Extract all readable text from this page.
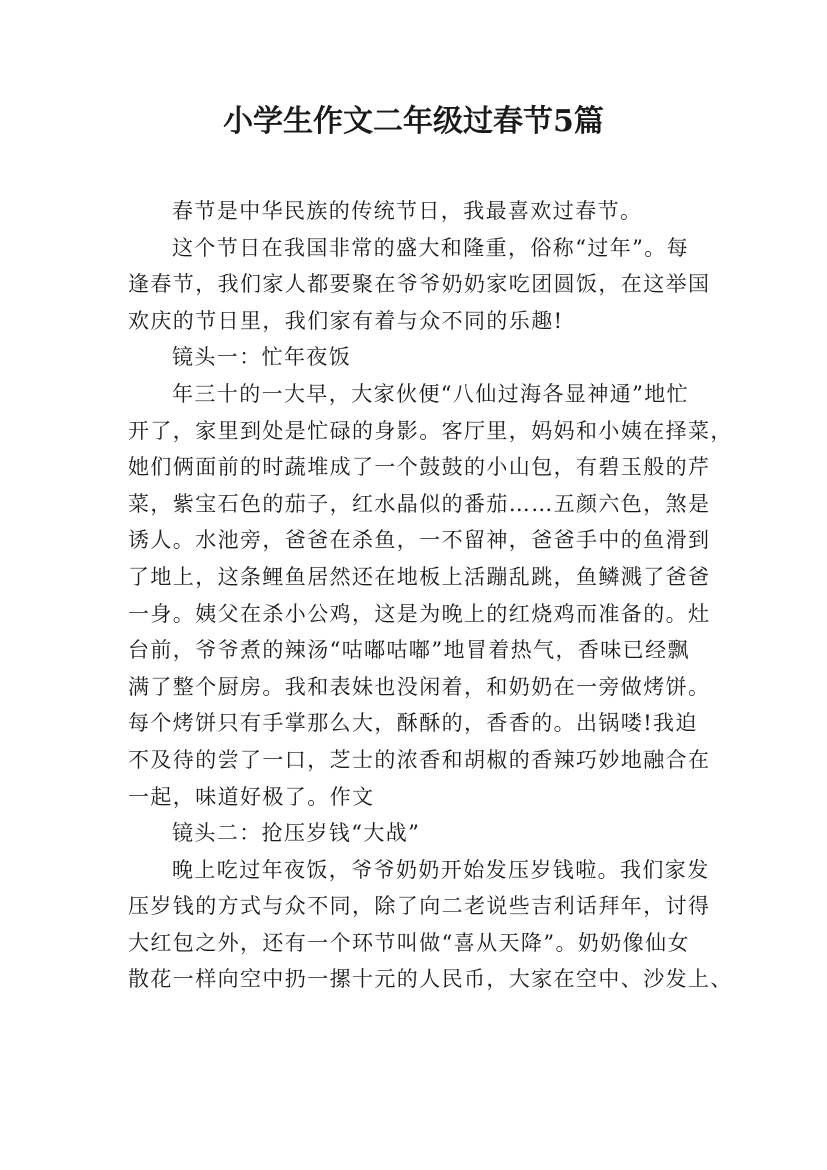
小学生作文二年级过春节5篇
春节是中华民族的传统节日，我最喜欢过春节。
这个节日在我国非常的盛大和隆重，俗称“过年”。每
逢春节，我们家人都要聚在爷爷奶奶家吃团圆饭，在这举国
欢庆的节日里，我们家有着与众不同的乐趣!
镜头一：忙年夜饭
年三十的一大早，大家伙便“八仙过海各显神通”地忙
开了，家里到处是忙碌的身影。客厅里，妈妈和小姨在择菜，
她们俩面前的时蔬堆成了一个鼓鼓的小山包，有碧玉般的芹
菜，紫宝石色的茄子，红水晶似的番茄……五颜六色，煞是
诱人。水池旁，爸爸在杀鱼，一不留神，爸爸手中的鱼滑到
了地上，这条鲤鱼居然还在地板上活蹦乱跳，鱼鳞溅了爸爸
一身。姨父在杀小公鸡，这是为晚上的红烧鸡而准备的。灶
台前，爷爷煮的辣汤“咕嘟咕嘟”地冒着热气，香味已经飘
满了整个厨房。我和表妹也没闲着，和奶奶在一旁做烤饼。
每个烤饼只有手掌那么大，酥酥的，香香的。出锅喽!我迫
不及待的尝了一口，芝士的浓香和胡椒的香辣巧妙地融合在
一起，味道好极了。作文
镜头二：抢压岁钱“大战”
晚上吃过年夜饭，爷爷奶奶开始发压岁钱啦。我们家发
压岁钱的方式与众不同，除了向二老说些吉利话拜年，讨得
大红包之外，还有一个环节叫做“喜从天降”。奶奶像仙女
散花一样向空中扔一摞十元的人民币，大家在空中、沙发上、
